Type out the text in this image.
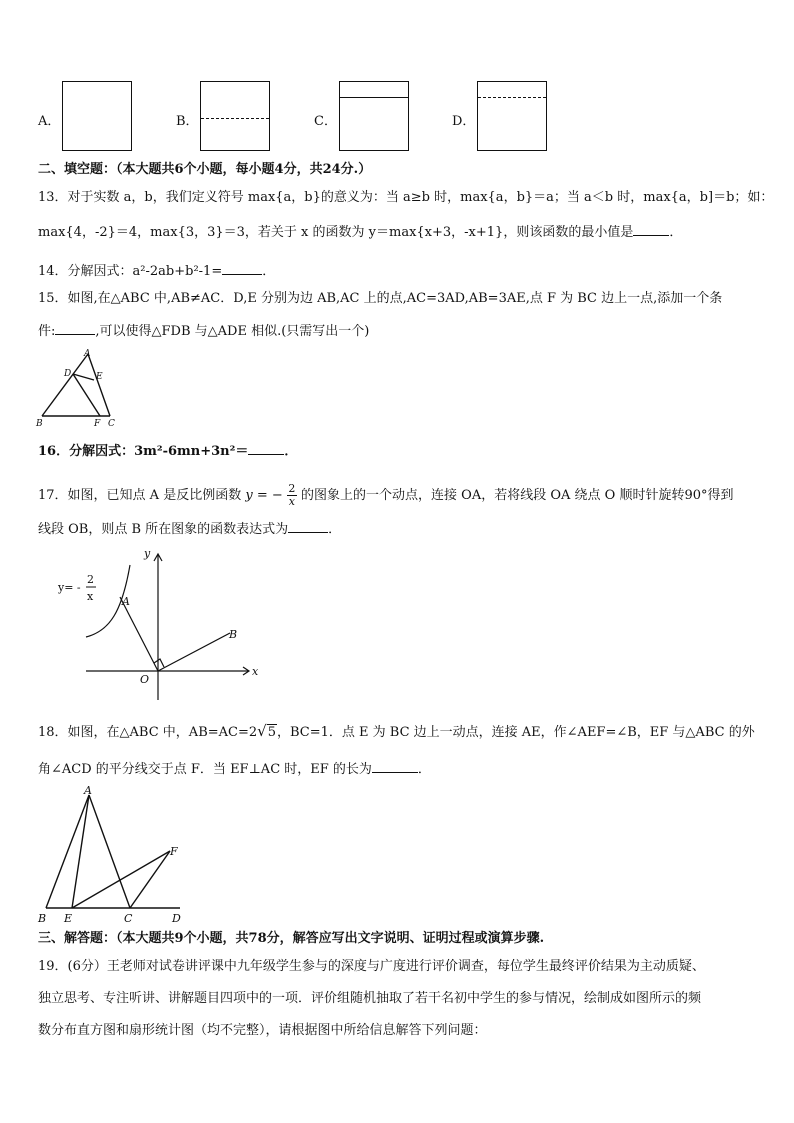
A．	B．	C．	D．
二、填空题：（本大题共6个小题，每小题4分，共24分.）
13．对于实数 a，b，我们定义符号 max{a，b}的意义为：当 a≥b 时，max{a，b}＝a；当 a＜b 时，max{a，b]＝b；如：
max{4，-2}＝4，max{3，3}＝3，若关于 x 的函数为 y＝max{x+3，-x+1}，则该函数的最小值是	．
14．分解因式：a²-2ab+b²-1=	．
15．如图,在△ABC 中,AB≠AC．D,E 分别为边 AB,AC 上的点,AC=3AD,AB=3AE,点 F 为 BC 边上一点,添加一个条
件:	,可以使得△FDB 与△ADE 相似.(只需写出一个)
A
D	E
B	F C
16．分解因式：3m²-6mn+3n²＝	．
17．如图，已知点 A 是反比例函数 y = − $\frac{2}{x}$ 的图象上的一个动点，连接 OA，若将线段 OA 绕点 O 顺时针旋转90°得到
线段 OB，则点 B 所在图象的函数表达式为	．
y
x
O
A
B
y= -
2
x
18．如图，在△ABC 中，AB=AC=2√5，BC=1．点 E 为 BC 边上一动点，连接 AE，作∠AEF=∠B，EF 与△ABC 的外
角∠ACD 的平分线交于点 F．当 EF⊥AC 时，EF 的长为	．
A
B E	C	D
F
三、解答题：（本大题共9个小题，共78分，解答应写出文字说明、证明过程或演算步骤.
19．(6分）王老师对试卷讲评课中九年级学生参与的深度与广度进行评价调查，每位学生最终评价结果为主动质疑、
独立思考、专注听讲、讲解题目四项中的一项．评价组随机抽取了若干名初中学生的参与情况，绘制成如图所示的频
数分布直方图和扇形统计图（均不完整），请根据图中所给信息解答下列问题：
